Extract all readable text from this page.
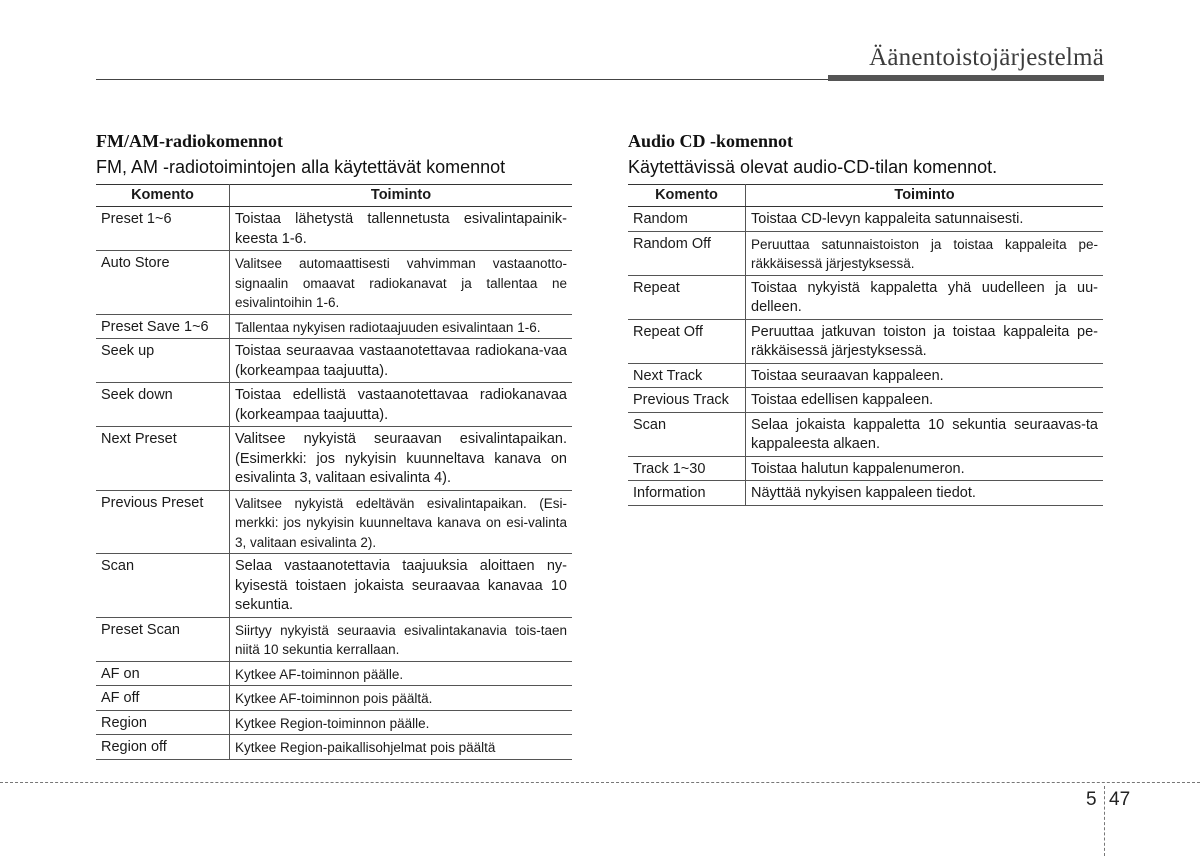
Äänentoistojärjestelmä
FM/AM-radiokomennot
FM, AM -radiotoimintojen alla käytettävät komennot
Komento	Toiminto
Preset 1~6	Toistaa lähetystä tallennetusta esivalintapainik-keesta 1-6.
Auto Store	Valitsee automaattisesti vahvimman vastaanotto-signaalin omaavat radiokanavat ja tallentaa ne esivalintoihin 1-6.
Preset Save 1~6	Tallentaa nykyisen radiotaajuuden esivalintaan 1-6.
Seek up	Toistaa seuraavaa vastaanotettavaa radiokana-vaa (korkeampaa taajuutta).
Seek down	Toistaa edellistä vastaanotettavaa radiokanavaa (korkeampaa taajuutta).
Next Preset	Valitsee nykyistä seuraavan esivalintapaikan. (Esimerkki: jos nykyisin kuunneltava kanava on esivalinta 3, valitaan esivalinta 4).
Previous Preset	Valitsee nykyistä edeltävän esivalintapaikan. (Esi-merkki: jos nykyisin kuunneltava kanava on esi-valinta 3, valitaan esivalinta 2).
Scan	Selaa vastaanotettavia taajuuksia aloittaen ny-kyisestä toistaen jokaista seuraavaa kanavaa 10 sekuntia.
Preset Scan	Siirtyy nykyistä seuraavia esivalintakanavia tois-taen niitä 10 sekuntia kerrallaan.
AF on	Kytkee AF-toiminnon päälle.
AF off	Kytkee AF-toiminnon pois päältä.
Region	Kytkee Region-toiminnon päälle.
Region off	Kytkee Region-paikallisohjelmat pois päältä
Audio CD -komennot
Käytettävissä olevat audio-CD-tilan komennot.
Komento	Toiminto
Random	Toistaa CD-levyn kappaleita satunnaisesti.
Random Off	Peruuttaa satunnaistoiston ja toistaa kappaleita pe-räkkäisessä järjestyksessä.
Repeat	Toistaa nykyistä kappaletta yhä uudelleen ja uu-delleen.
Repeat Off	Peruuttaa jatkuvan toiston ja toistaa kappaleita pe-räkkäisessä järjestyksessä.
Next Track	Toistaa seuraavan kappaleen.
Previous Track	Toistaa edellisen kappaleen.
Scan	Selaa jokaista kappaletta 10 sekuntia seuraavas-ta kappaleesta alkaen.
Track 1~30	Toistaa halutun kappalenumeron.
Information	Näyttää nykyisen kappaleen tiedot.
5 47
